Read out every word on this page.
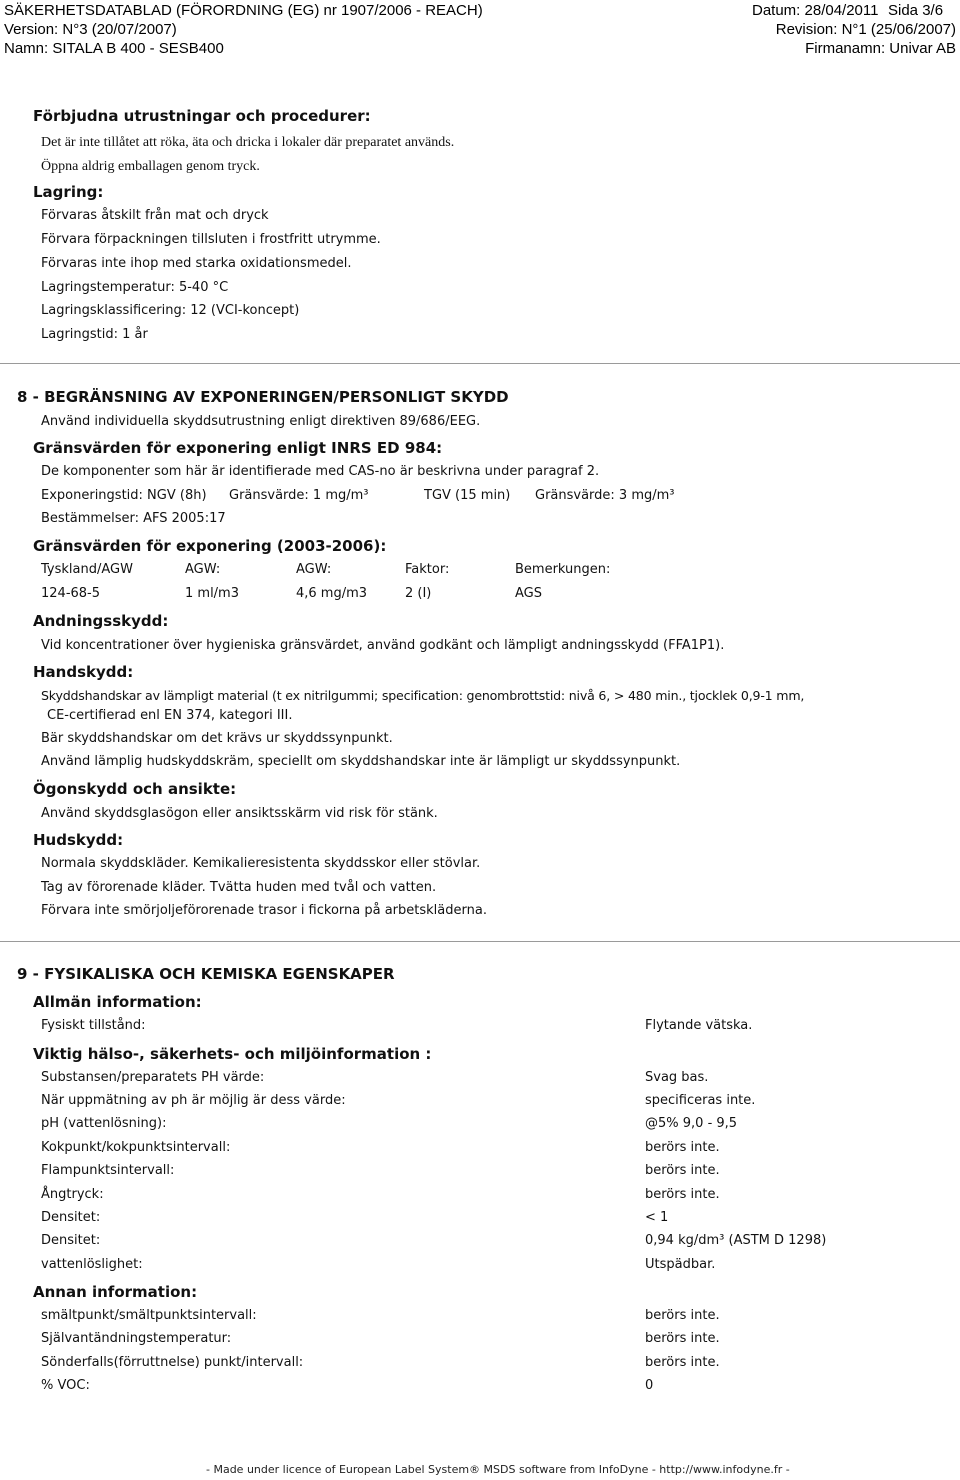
SÄKERHETSDATABLAD (FÖRORDNING (EG) nr 1907/2006 - REACH)
Version: N°3 (20/07/2007)
Namn: SITALA B 400 - SESB400
Datum: 28/04/2011 Sida 3/6
Revision: N°1 (25/06/2007)
Firmanamn: Univar AB
Förbjudna utrustningar och procedurer:
Det är inte tillåtet att röka, äta och dricka i lokaler där preparatet används.
Öppna aldrig emballagen genom tryck.
Lagring:
Förvaras åtskilt från mat och dryck
Förvara förpackningen tillsluten i frostfritt utrymme.
Förvaras inte ihop med starka oxidationsmedel.
Lagringstemperatur: 5-40 °C
Lagringsklassificering: 12 (VCI-koncept)
Lagringstid: 1 år
8 - BEGRÄNSNING AV EXPONERINGEN/PERSONLIGT SKYDD
Använd individuella skyddsutrustning enligt direktiven 89/686/EEG.
Gränsvärden för exponering enligt INRS ED 984:
De komponenter som här är identifierade med CAS-no är beskrivna under paragraf 2.
Exponeringstid: NGV (8h) Gränsvärde: 1 mg/m³	TGV (15 min) Gränsvärde: 3 mg/m³
Bestämmelser: AFS 2005:17
Gränsvärden för exponering (2003-2006):
Tyskland/AGW	AGW:	AGW:	Faktor:	Bemerkungen:
124-68-5	1 ml/m3	4,6 mg/m3	2 (I)	AGS
Andningsskydd:
Vid koncentrationer över hygieniska gränsvärdet, använd godkänt och lämpligt andningsskydd (FFA1P1).
Handskydd:
Skyddshandskar av lämpligt material (t ex nitrilgummi; specification: genombrottstid: nivå 6, > 480 min., tjocklek 0,9-1 mm,
CE-certifierad enl EN 374, kategori III.
Bär skyddshandskar om det krävs ur skyddssynpunkt.
Använd lämplig hudskyddskräm, speciellt om skyddshandskar inte är lämpligt ur skyddssynpunkt.
Ögonskydd och ansikte:
Använd skyddsglasögon eller ansiktsskärm vid risk för stänk.
Hudskydd:
Normala skyddskläder. Kemikalieresistenta skyddsskor eller stövlar.
Tag av förorenade kläder. Tvätta huden med tvål och vatten.
Förvara inte smörjoljeförorenade trasor i fickorna på arbetskläderna.
9 - FYSIKALISKA OCH KEMISKA EGENSKAPER
Allmän information:
Fysiskt tillstånd:	Flytande vätska.
Viktig hälso-, säkerhets- och miljöinformation :
Substansen/preparatets PH värde:	Svag bas.
När uppmätning av ph är möjlig är dess värde:	specificeras inte.
pH (vattenlösning):	@5% 9,0 - 9,5
Kokpunkt/kokpunktsintervall:	berörs inte.
Flampunktsintervall:	berörs inte.
Ångtryck:	berörs inte.
Densitet:	< 1
Densitet:	0,94 kg/dm³ (ASTM D 1298)
vattenlöslighet:	Utspädbar.
Annan information:
smältpunkt/smältpunktsintervall:	berörs inte.
Självantändningstemperatur:	berörs inte.
Sönderfalls(förruttnelse) punkt/intervall:	berörs inte.
% VOC:	0
- Made under licence of European Label System® MSDS software from InfoDyne - http://www.infodyne.fr -
